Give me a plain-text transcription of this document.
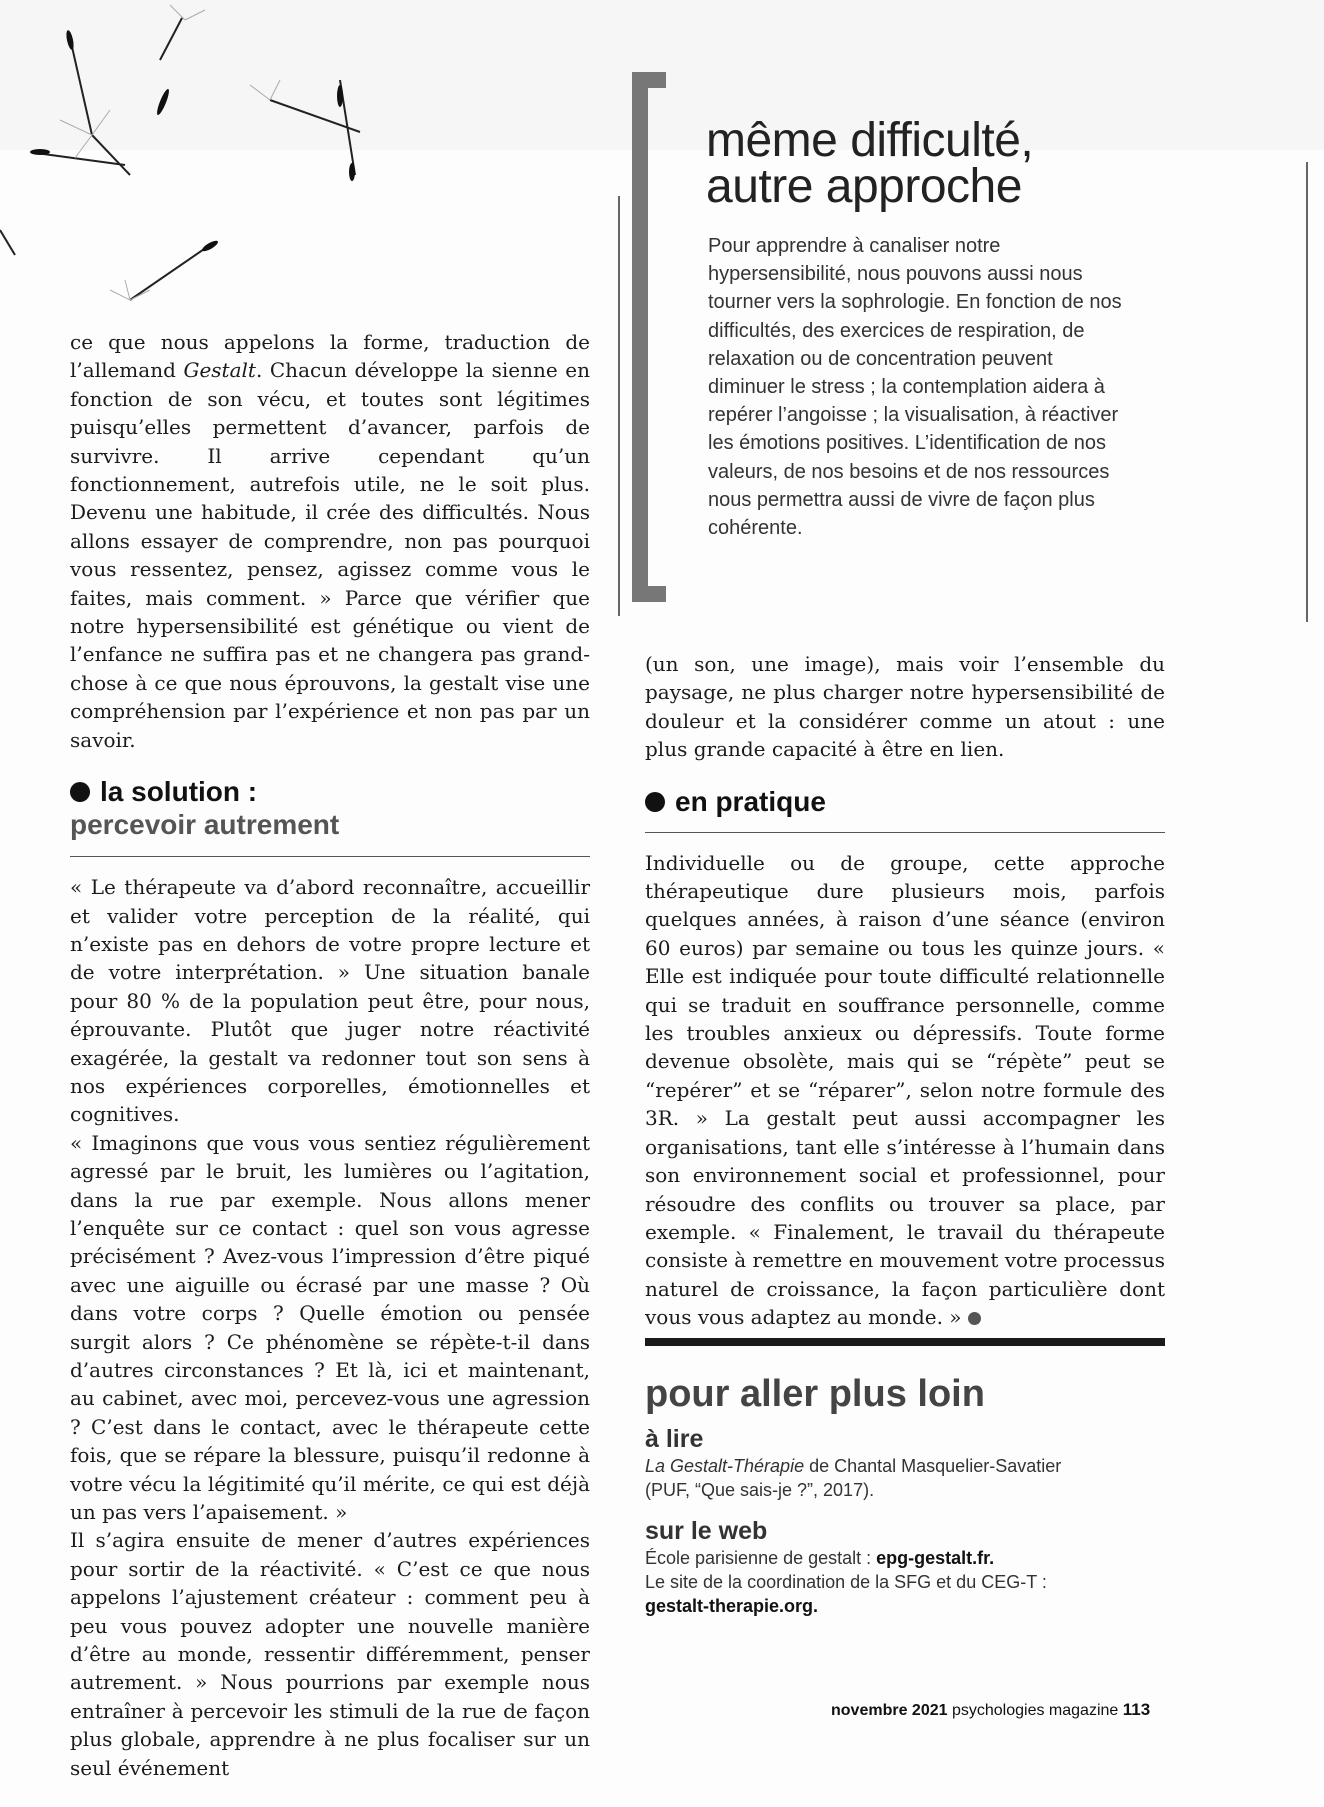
ce que nous appelons la forme, traduction de l’allemand Gestalt. Chacun développe la sienne en fonction de son vécu, et toutes sont légitimes puisqu’elles permettent d’avancer, parfois de survivre. Il arrive cependant qu’un fonctionnement, autrefois utile, ne le soit plus. Devenu une habitude, il crée des difficultés. Nous allons essayer de comprendre, non pas pourquoi vous ressentez, pensez, agissez comme vous le faites, mais comment. » Parce que vérifier que notre hypersensibilité est génétique ou vient de l’enfance ne suffira pas et ne changera pas grand-chose à ce que nous éprouvons, la gestalt vise une compréhension par l’expérience et non pas par un savoir.

la solution :
percevoir autrement

« Le thérapeute va d’abord reconnaître, accueillir et valider votre perception de la réalité, qui n’existe pas en dehors de votre propre lecture et de votre interprétation. » Une situation banale pour 80 % de la population peut être, pour nous, éprouvante. Plutôt que juger notre réactivité exagérée, la gestalt va redonner tout son sens à nos expériences corporelles, émotionnelles et cognitives.

« Imaginons que vous vous sentiez régulièrement agressé par le bruit, les lumières ou l’agitation, dans la rue par exemple. Nous allons mener l’enquête sur ce contact : quel son vous agresse précisément ? Avez-vous l’impression d’être piqué avec une aiguille ou écrasé par une masse ? Où dans votre corps ? Quelle émotion ou pensée surgit alors ? Ce phénomène se répète-t-il dans d’autres circonstances ? Et là, ici et maintenant, au cabinet, avec moi, percevez-vous une agression ? C’est dans le contact, avec le thérapeute cette fois, que se répare la blessure, puisqu’il redonne à votre vécu la légitimité qu’il mérite, ce qui est déjà un pas vers l’apaisement. »

Il s’agira ensuite de mener d’autres expériences pour sortir de la réactivité. « C’est ce que nous appelons l’ajustement créateur : comment peu à peu vous pouvez adopter une nouvelle manière d’être au monde, ressentir différemment, penser autrement. » Nous pourrions par exemple nous entraîner à percevoir les stimuli de la rue de façon plus globale, apprendre à ne plus focaliser sur un seul événement

même difficulté,
autre approche

Pour apprendre à canaliser notre hypersensibilité, nous pouvons aussi nous tourner vers la sophrologie. En fonction de nos difficultés, des exercices de respiration, de relaxation ou de concentration peuvent diminuer le stress ; la contemplation aidera à repérer l’angoisse ; la visualisation, à réactiver les émotions positives. L’identification de nos valeurs, de nos besoins et de nos ressources nous permettra aussi de vivre de façon plus cohérente.

(un son, une image), mais voir l’ensemble du paysage, ne plus charger notre hypersensibilité de douleur et la considérer comme un atout : une plus grande capacité à être en lien.

en pratique

Individuelle ou de groupe, cette approche thérapeutique dure plusieurs mois, parfois quelques années, à raison d’une séance (environ 60 euros) par semaine ou tous les quinze jours. « Elle est indiquée pour toute difficulté relationnelle qui se traduit en souffrance personnelle, comme les troubles anxieux ou dépressifs. Toute forme devenue obsolète, mais qui se “répète” peut se “repérer” et se “réparer”, selon notre formule des 3R. » La gestalt peut aussi accompagner les organisations, tant elle s’intéresse à l’humain dans son environnement social et professionnel, pour résoudre des conflits ou trouver sa place, par exemple. « Finalement, le travail du thérapeute consiste à remettre en mouvement votre processus naturel de croissance, la façon particulière dont vous vous adaptez au monde. »

pour aller plus loin
à lire
La Gestalt-Thérapie de Chantal Masquelier-Savatier
(PUF, “Que sais-je ?”, 2017).
sur le web
École parisienne de gestalt : epg-gestalt.fr.
Le site de la coordination de la SFG et du CEG-T :
gestalt-therapie.org.
novembre 2021 psychologies magazine 113
